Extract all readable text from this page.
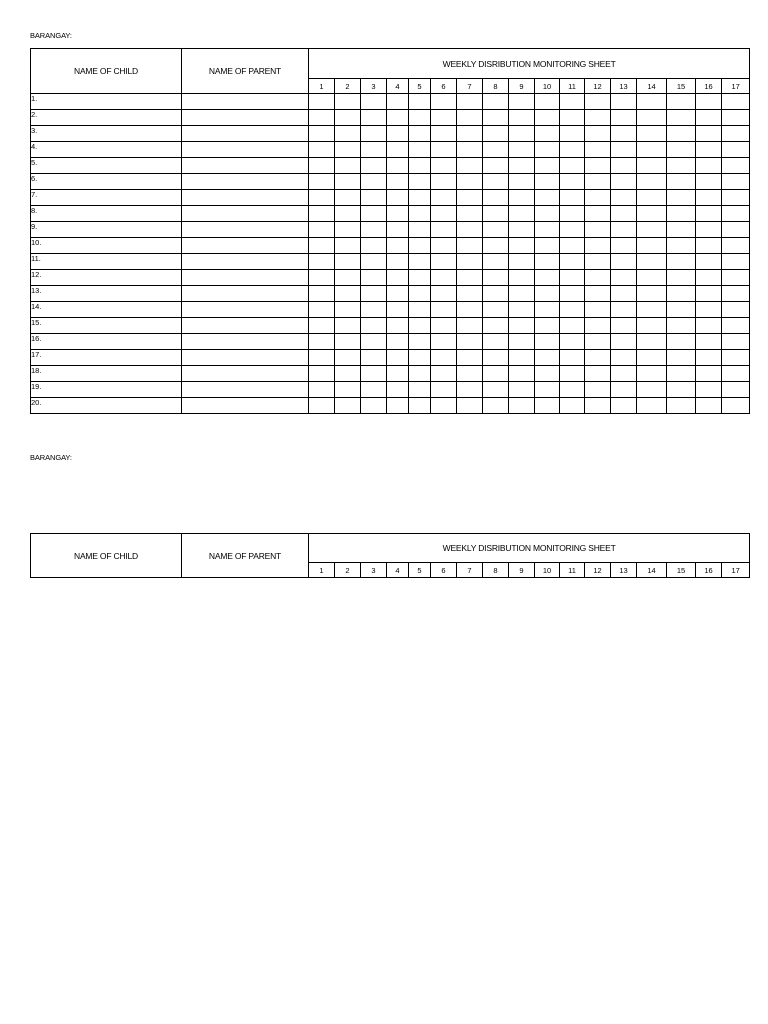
BARANGAY:
NAME OF CHILD	NAME OF PARENT	WEEKLY DISRIBUTION MONITORING SHEET																
		1	2	3	4	5	6	7	8	9	10	11	12	13	14	15	16	17
1.																		
2.																		
3.																		
4.																		
5.																		
6.																		
7.																		
8.																		
9.																		
10.																		
11.																		
12.																		
13.																		
14.																		
15.																		
16.																		
17.																		
18.																		
19.																		
20.																		
BARANGAY:
NAME OF CHILD	NAME OF PARENT	WEEKLY DISRIBUTION MONITORING SHEET																
		1	2	3	4	5	6	7	8	9	10	11	12	13	14	15	16	17
